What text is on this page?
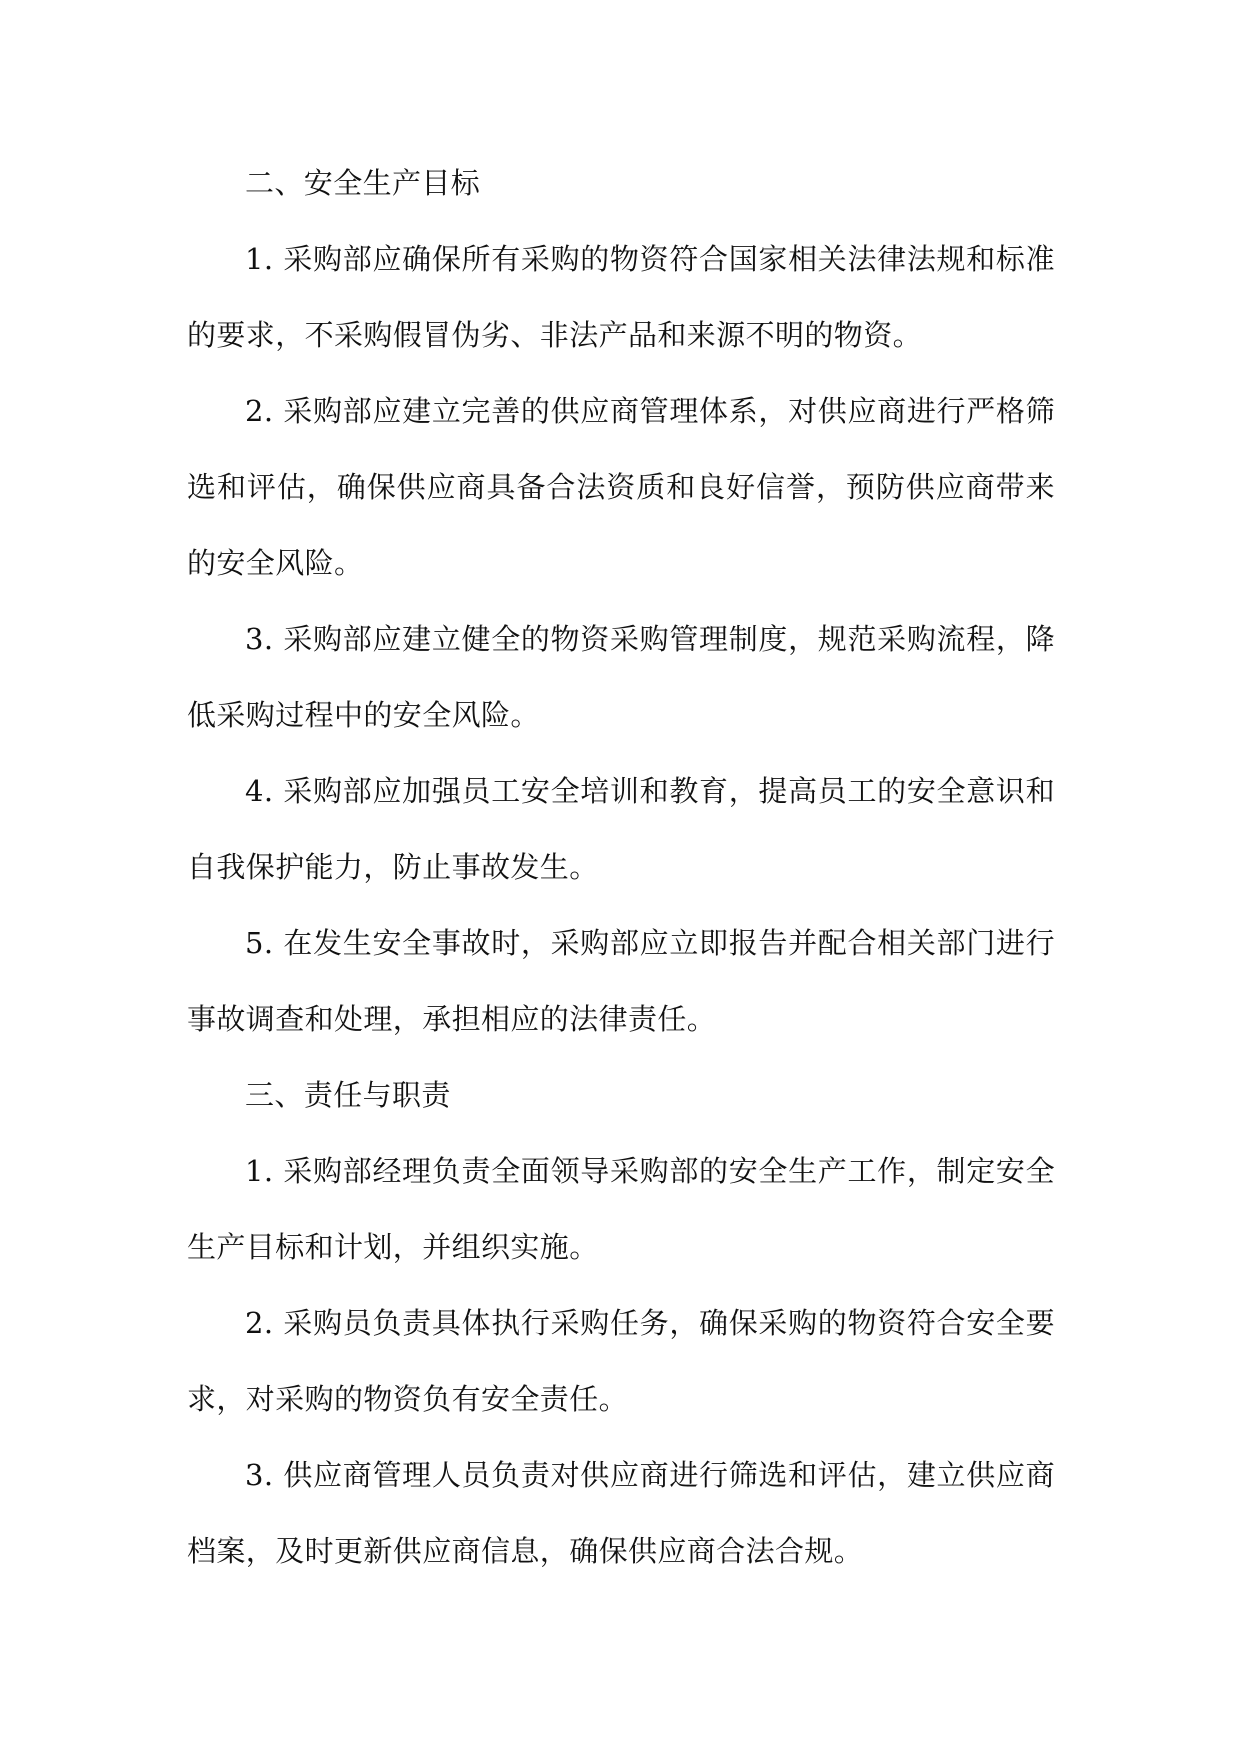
二、安全生产目标

1. 采购部应确保所有采购的物资符合国家相关法律法规和标准的要求，不采购假冒伪劣、非法产品和来源不明的物资。

2. 采购部应建立完善的供应商管理体系，对供应商进行严格筛选和评估，确保供应商具备合法资质和良好信誉，预防供应商带来的安全风险。

3. 采购部应建立健全的物资采购管理制度，规范采购流程，降低采购过程中的安全风险。

4. 采购部应加强员工安全培训和教育，提高员工的安全意识和自我保护能力，防止事故发生。

5. 在发生安全事故时，采购部应立即报告并配合相关部门进行事故调查和处理，承担相应的法律责任。

三、责任与职责

1. 采购部经理负责全面领导采购部的安全生产工作，制定安全生产目标和计划，并组织实施。

2. 采购员负责具体执行采购任务，确保采购的物资符合安全要求，对采购的物资负有安全责任。

3. 供应商管理人员负责对供应商进行筛选和评估，建立供应商档案，及时更新供应商信息，确保供应商合法合规。
